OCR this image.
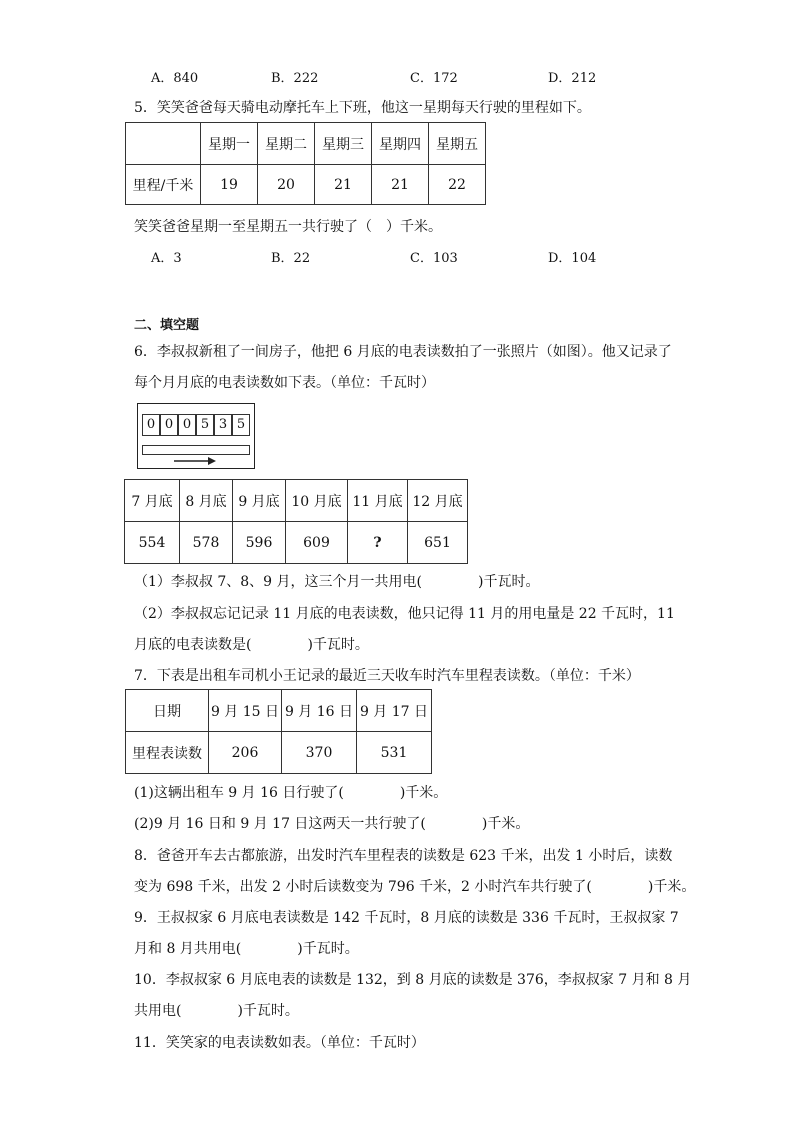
A．840	B．222	C．172	D．212
5．笑笑爸爸每天骑电动摩托车上下班，他这一星期每天行驶的里程如下。
	星期一	星期二	星期三	星期四	星期五
里程/千米	19	20	21	21	22
笑笑爸爸星期一至星期五一共行驶了（　）千米。
A．3	B．22	C．103	D．104
二、填空题
6．李叔叔新租了一间房子，他把 6 月底的电表读数拍了一张照片（如图）。他又记录了
每个月月底的电表读数如下表。（单位：千瓦时）
0 0 0 5 3 5
7 月底	8 月底	9 月底	10 月底	11 月底	12 月底
554	578	596	609	?	651
（1）李叔叔 7、8、9 月，这三个月一共用电(　　　　)千瓦时。
（2）李叔叔忘记记录 11 月底的电表读数，他只记得 11 月的用电量是 22 千瓦时，11
月底的电表读数是(　　　　)千瓦时。
7．下表是出租车司机小王记录的最近三天收车时汽车里程表读数。（单位：千米）
日期	9 月 15 日	9 月 16 日	9 月 17 日
里程表读数	206	370	531
(1)这辆出租车 9 月 16 日行驶了(　　　　)千米。
(2)9 月 16 日和 9 月 17 日这两天一共行驶了(　　　　)千米。
8．爸爸开车去古都旅游，出发时汽车里程表的读数是 623 千米，出发 1 小时后，读数
变为 698 千米，出发 2 小时后读数变为 796 千米，2 小时汽车共行驶了(　　　　)千米。
9．王叔叔家 6 月底电表读数是 142 千瓦时，8 月底的读数是 336 千瓦时，王叔叔家 7
月和 8 月共用电(　　　　)千瓦时。
10．李叔叔家 6 月底电表的读数是 132，到 8 月底的读数是 376，李叔叔家 7 月和 8 月
共用电(　　　　)千瓦时。
11．笑笑家的电表读数如表。（单位：千瓦时）
